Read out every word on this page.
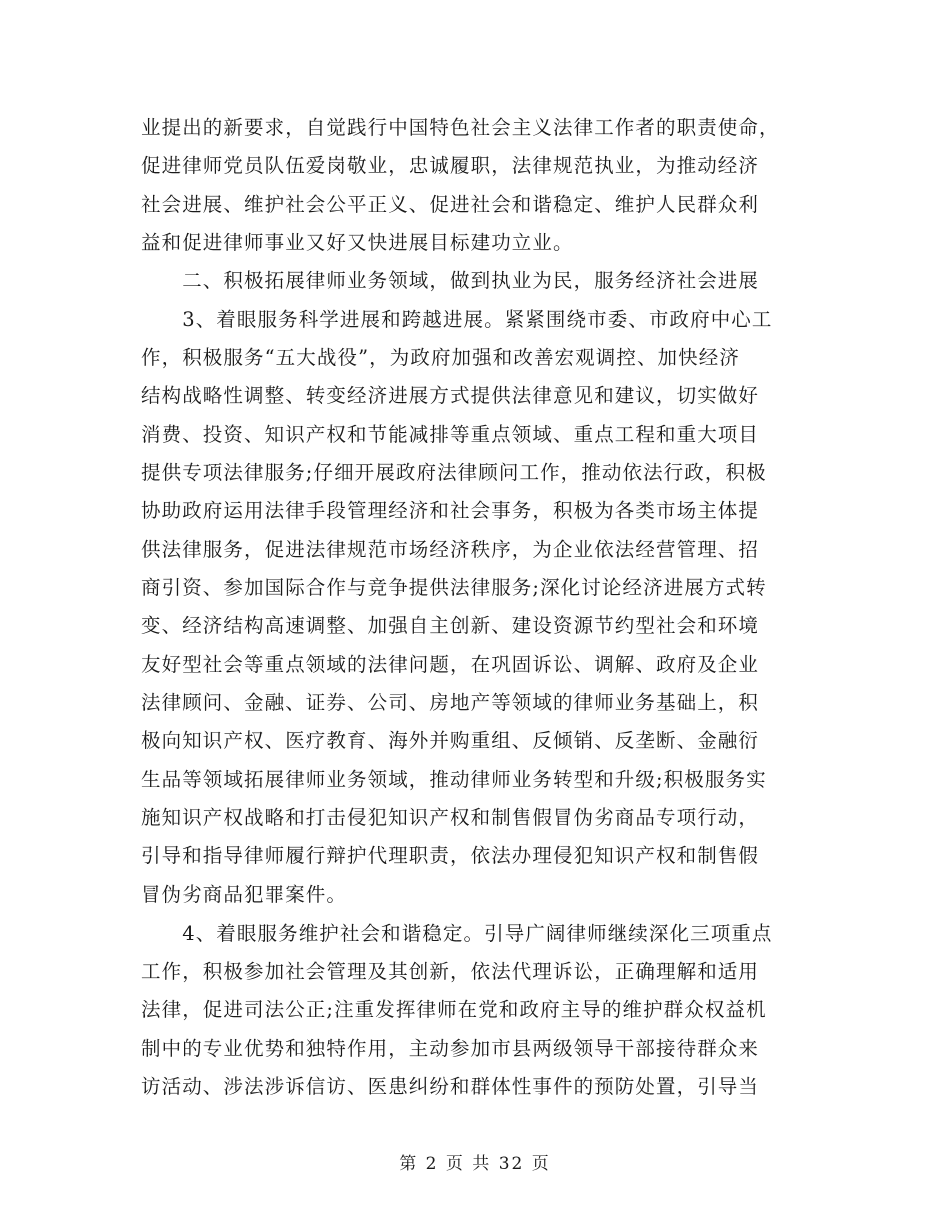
业提出的新要求，自觉践行中国特色社会主义法律工作者的职责使命，
促进律师党员队伍爱岗敬业，忠诚履职，法律规范执业，为推动经济
社会进展、维护社会公平正义、促进社会和谐稳定、维护人民群众利
益和促进律师事业又好又快进展目标建功立业。
　　二、积极拓展律师业务领域，做到执业为民，服务经济社会进展
　　3、着眼服务科学进展和跨越进展。紧紧围绕市委、市政府中心工
作，积极服务“五大战役”，为政府加强和改善宏观调控、加快经济
结构战略性调整、转变经济进展方式提供法律意见和建议，切实做好
消费、投资、知识产权和节能减排等重点领域、重点工程和重大项目
提供专项法律服务;仔细开展政府法律顾问工作，推动依法行政，积极
协助政府运用法律手段管理经济和社会事务，积极为各类市场主体提
供法律服务，促进法律规范市场经济秩序，为企业依法经营管理、招
商引资、参加国际合作与竞争提供法律服务;深化讨论经济进展方式转
变、经济结构高速调整、加强自主创新、建设资源节约型社会和环境
友好型社会等重点领域的法律问题，在巩固诉讼、调解、政府及企业
法律顾问、金融、证券、公司、房地产等领域的律师业务基础上，积
极向知识产权、医疗教育、海外并购重组、反倾销、反垄断、金融衍
生品等领域拓展律师业务领域，推动律师业务转型和升级;积极服务实
施知识产权战略和打击侵犯知识产权和制售假冒伪劣商品专项行动，
引导和指导律师履行辩护代理职责，依法办理侵犯知识产权和制售假
冒伪劣商品犯罪案件。
　　4、着眼服务维护社会和谐稳定。引导广阔律师继续深化三项重点
工作，积极参加社会管理及其创新，依法代理诉讼，正确理解和适用
法律，促进司法公正;注重发挥律师在党和政府主导的维护群众权益机
制中的专业优势和独特作用，主动参加市县两级领导干部接待群众来
访活动、涉法涉诉信访、医患纠纷和群体性事件的预防处置，引导当
第 2 页 共 32 页
